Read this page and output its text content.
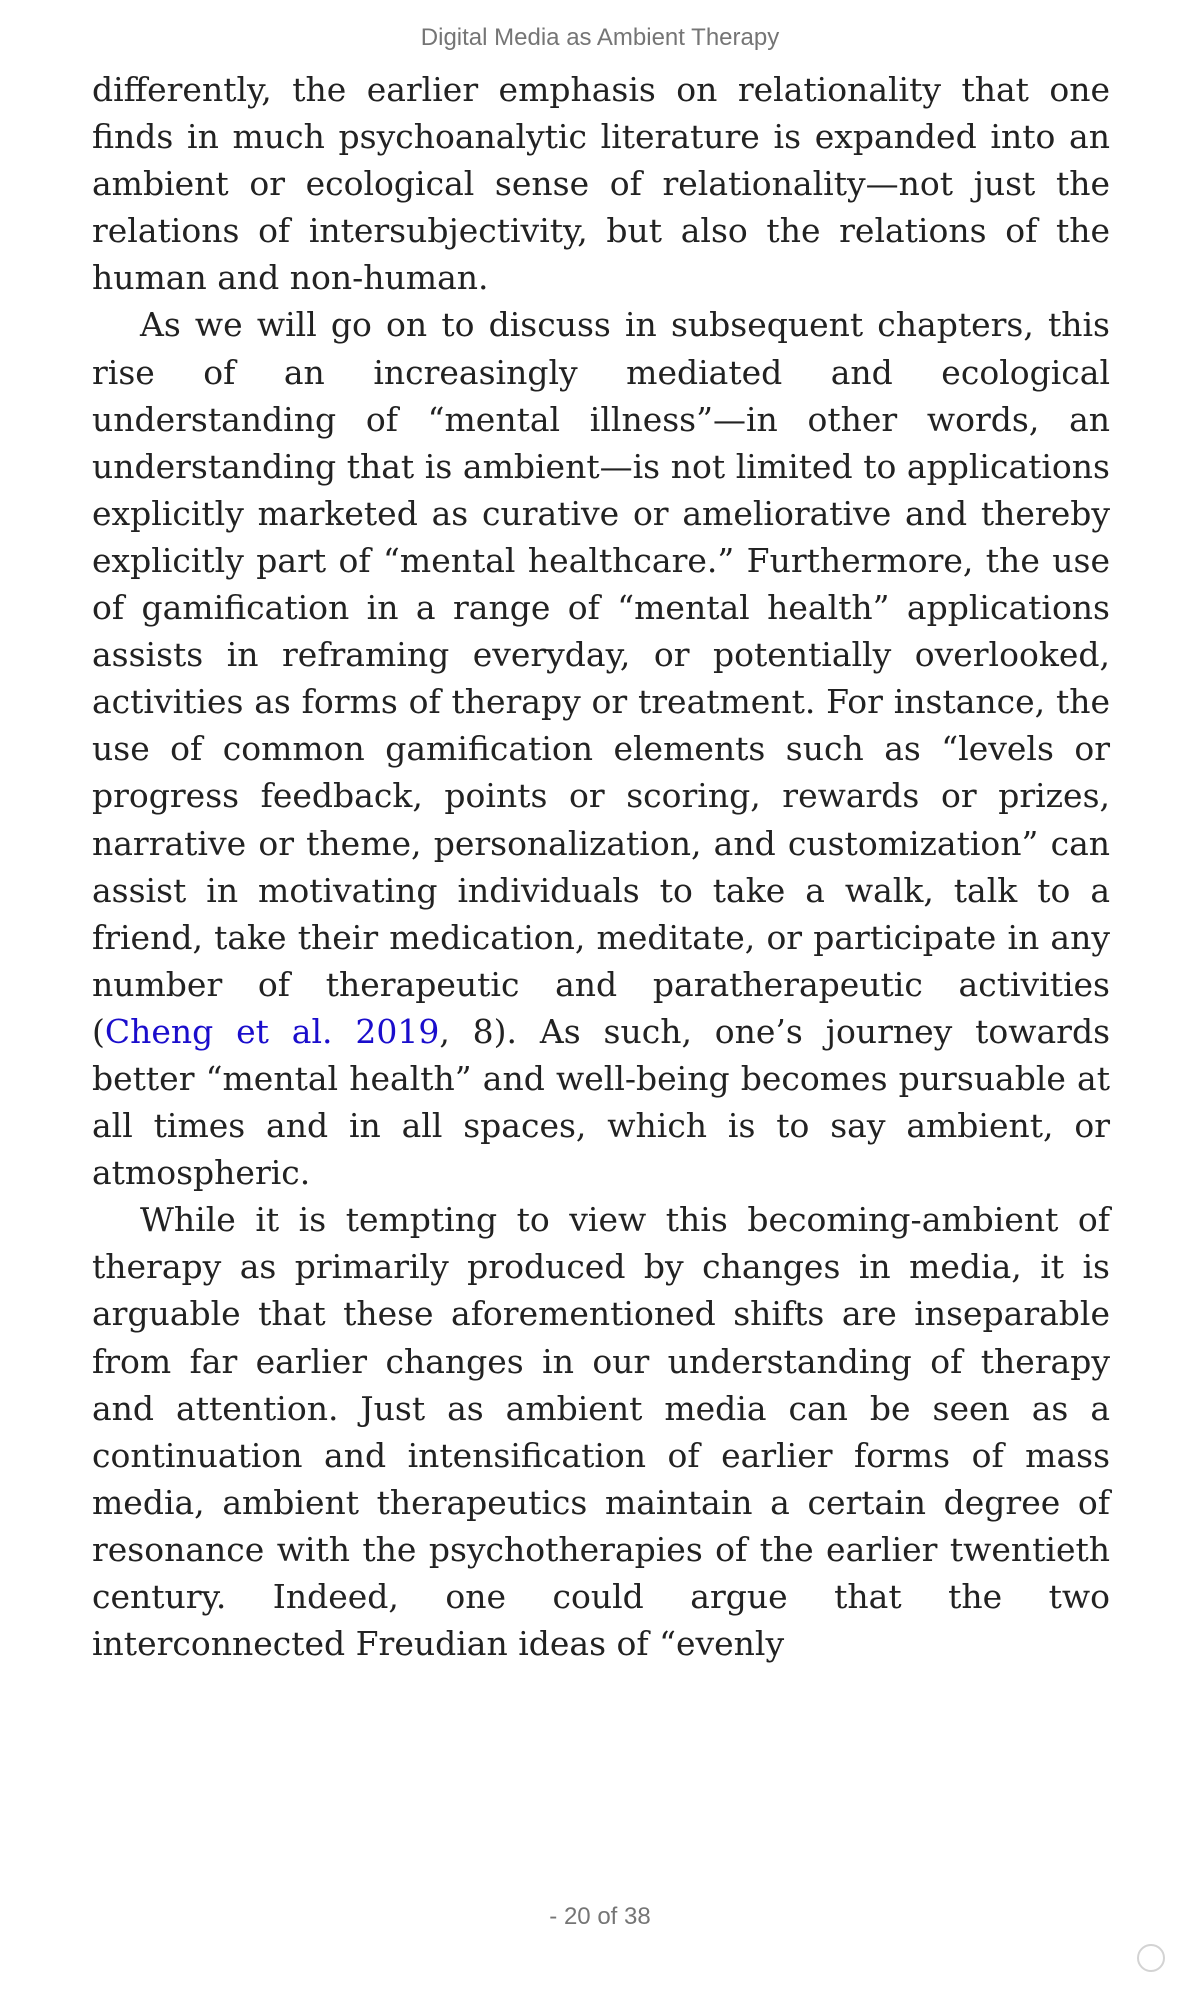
Digital Media as Ambient Therapy

differently, the earlier emphasis on relationality that one finds in much psychoanalytic literature is expanded into an ambient or ecological sense of relationality—not just the relations of intersubjectivity, but also the relations of the human and non-human.

As we will go on to discuss in subsequent chapters, this rise of an increasingly mediated and ecological understanding of “mental illness”—in other words, an understanding that is ambient—is not limited to applications explicitly marketed as curative or ameliorative and thereby explicitly part of “mental healthcare.” Furthermore, the use of gamification in a range of “mental health” applications assists in reframing everyday, or potentially overlooked, activities as forms of therapy or treatment. For instance, the use of common gamification elements such as “levels or progress feedback, points or scoring, rewards or prizes, narrative or theme, personalization, and customization” can assist in motivating individuals to take a walk, talk to a friend, take their medication, meditate, or participate in any number of therapeutic and paratherapeutic activities (Cheng et al. 2019, 8). As such, one’s journey towards better “mental health” and well-being becomes pursuable at all times and in all spaces, which is to say ambient, or atmospheric.

While it is tempting to view this becoming-ambient of therapy as primarily produced by changes in media, it is arguable that these aforementioned shifts are inseparable from far earlier changes in our understanding of therapy and attention. Just as ambient media can be seen as a continuation and intensification of earlier forms of mass media, ambient therapeutics maintain a certain degree of resonance with the psychotherapies of the earlier twentieth century. Indeed, one could argue that the two interconnected Freudian ideas of “evenly

- 20 of 38
